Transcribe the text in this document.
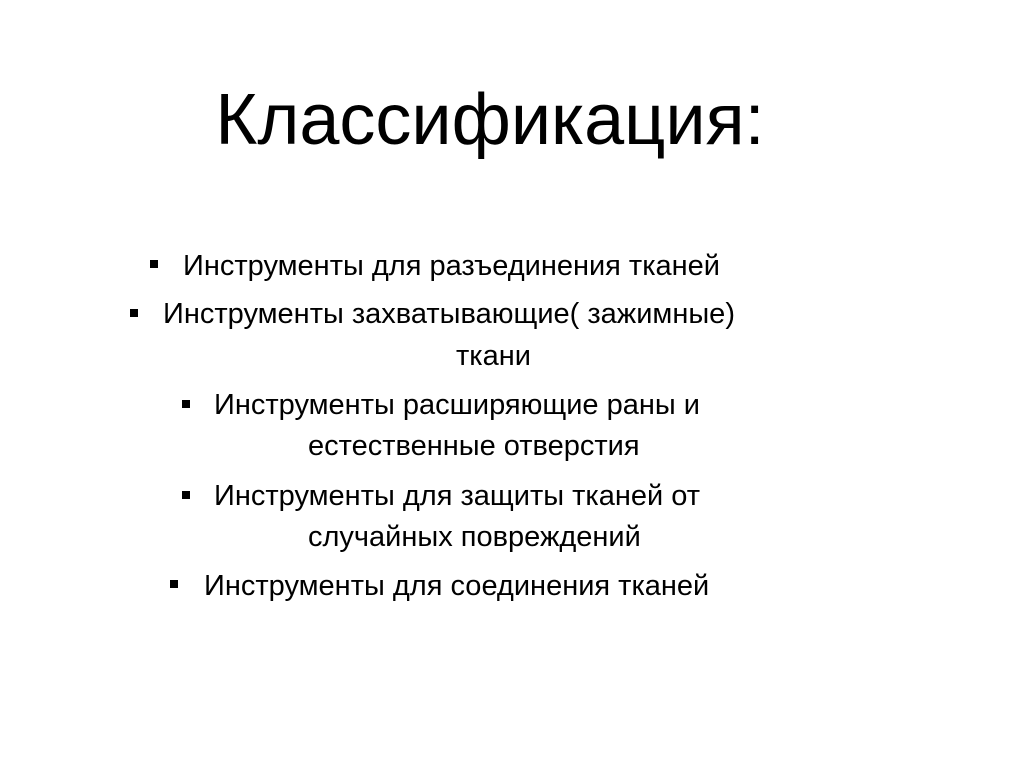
Классификация:
Инструменты для разъединения тканей
Инструменты захватывающие( зажимные)
ткани
Инструменты расширяющие раны и
естественные отверстия
Инструменты для защиты тканей от
случайных повреждений
Инструменты для соединения тканей
